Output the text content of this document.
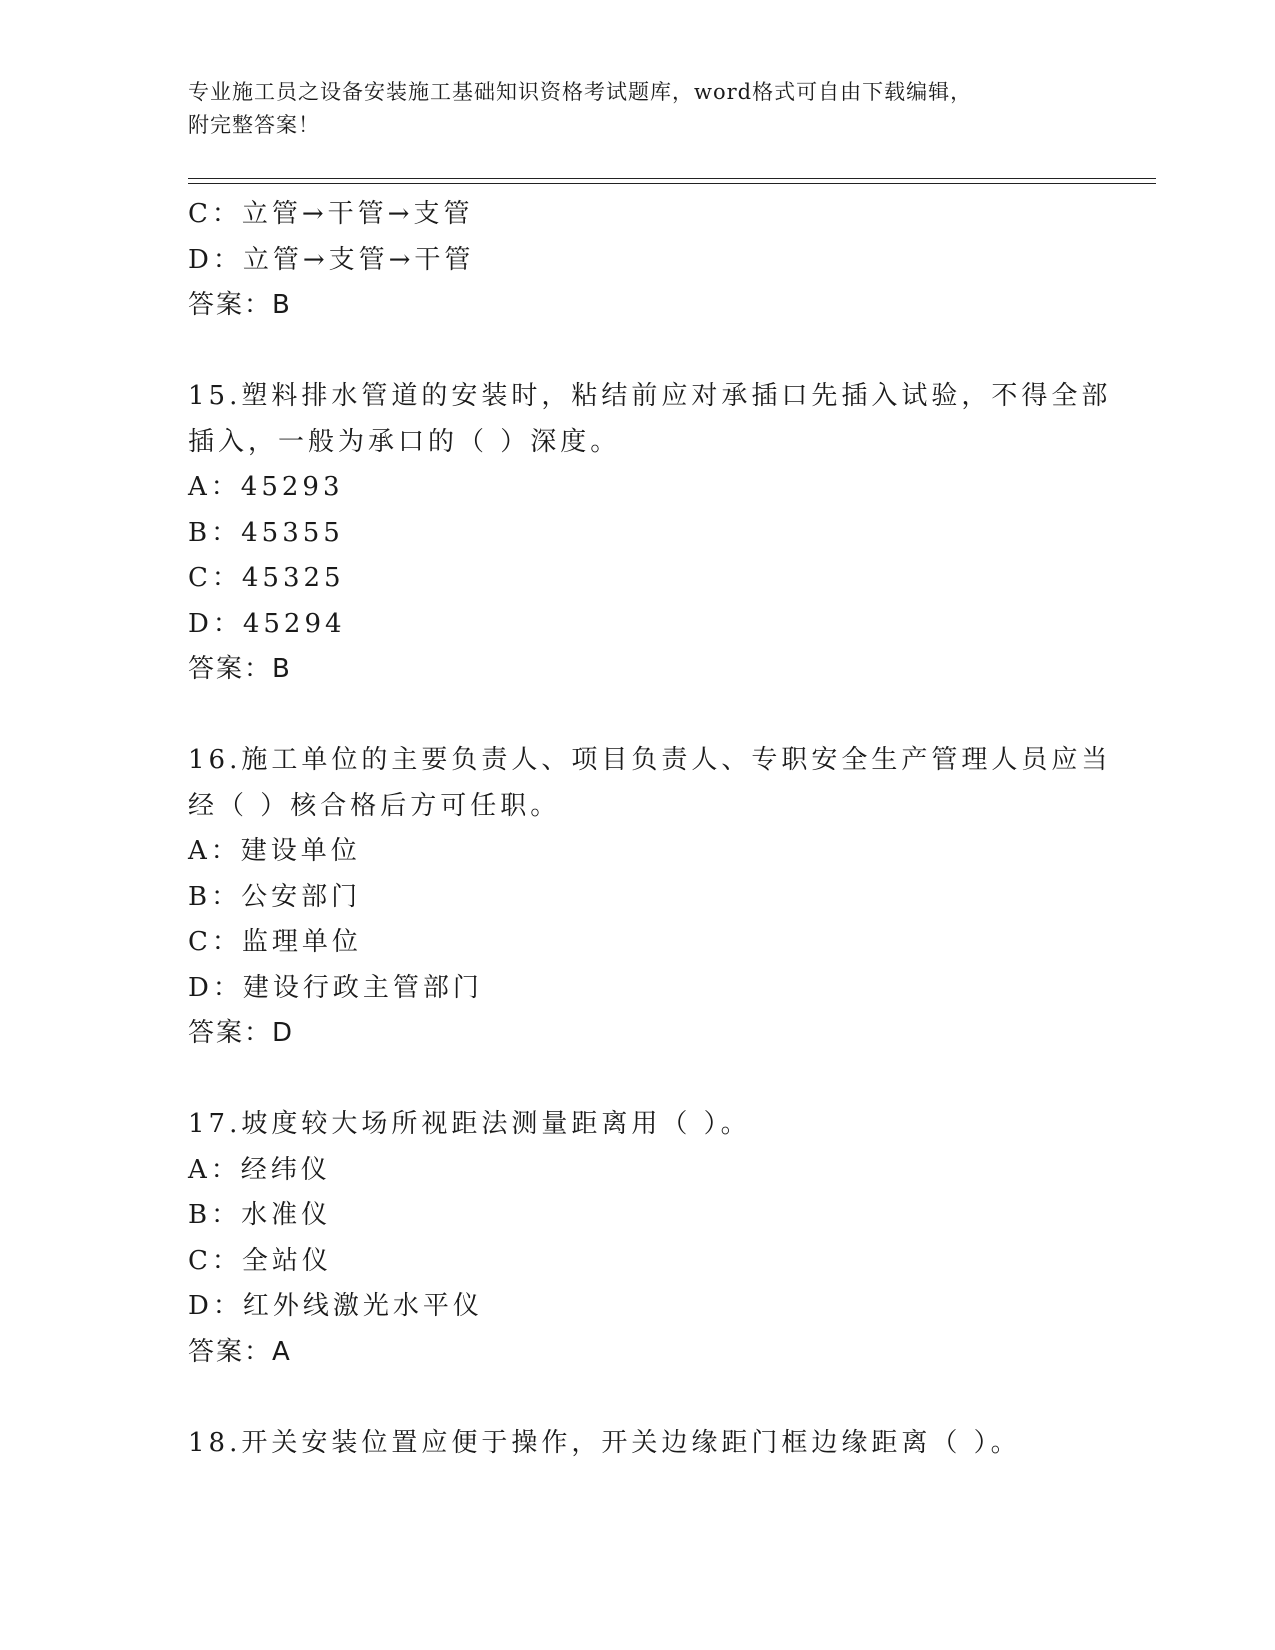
专业施工员之设备安装施工基础知识资格考试题库，word格式可自由下载编辑，
附完整答案！
C：立管→干管→支管
D：立管→支管→干管
答案：B
15.塑料排水管道的安装时，粘结前应对承插口先插入试验，不得全部
插入，一般为承口的（ ）深度。
A：45293
B：45355
C：45325
D：45294
答案：B
16.施工单位的主要负责人、项目负责人、专职安全生产管理人员应当
经（ ）核合格后方可任职。
A：建设单位
B：公安部门
C：监理单位
D：建设行政主管部门
答案：D
17.坡度较大场所视距法测量距离用（ ）。
A：经纬仪
B：水准仪
C：全站仪
D：红外线激光水平仪
答案：A
18.开关安装位置应便于操作，开关边缘距门框边缘距离（ ）。
